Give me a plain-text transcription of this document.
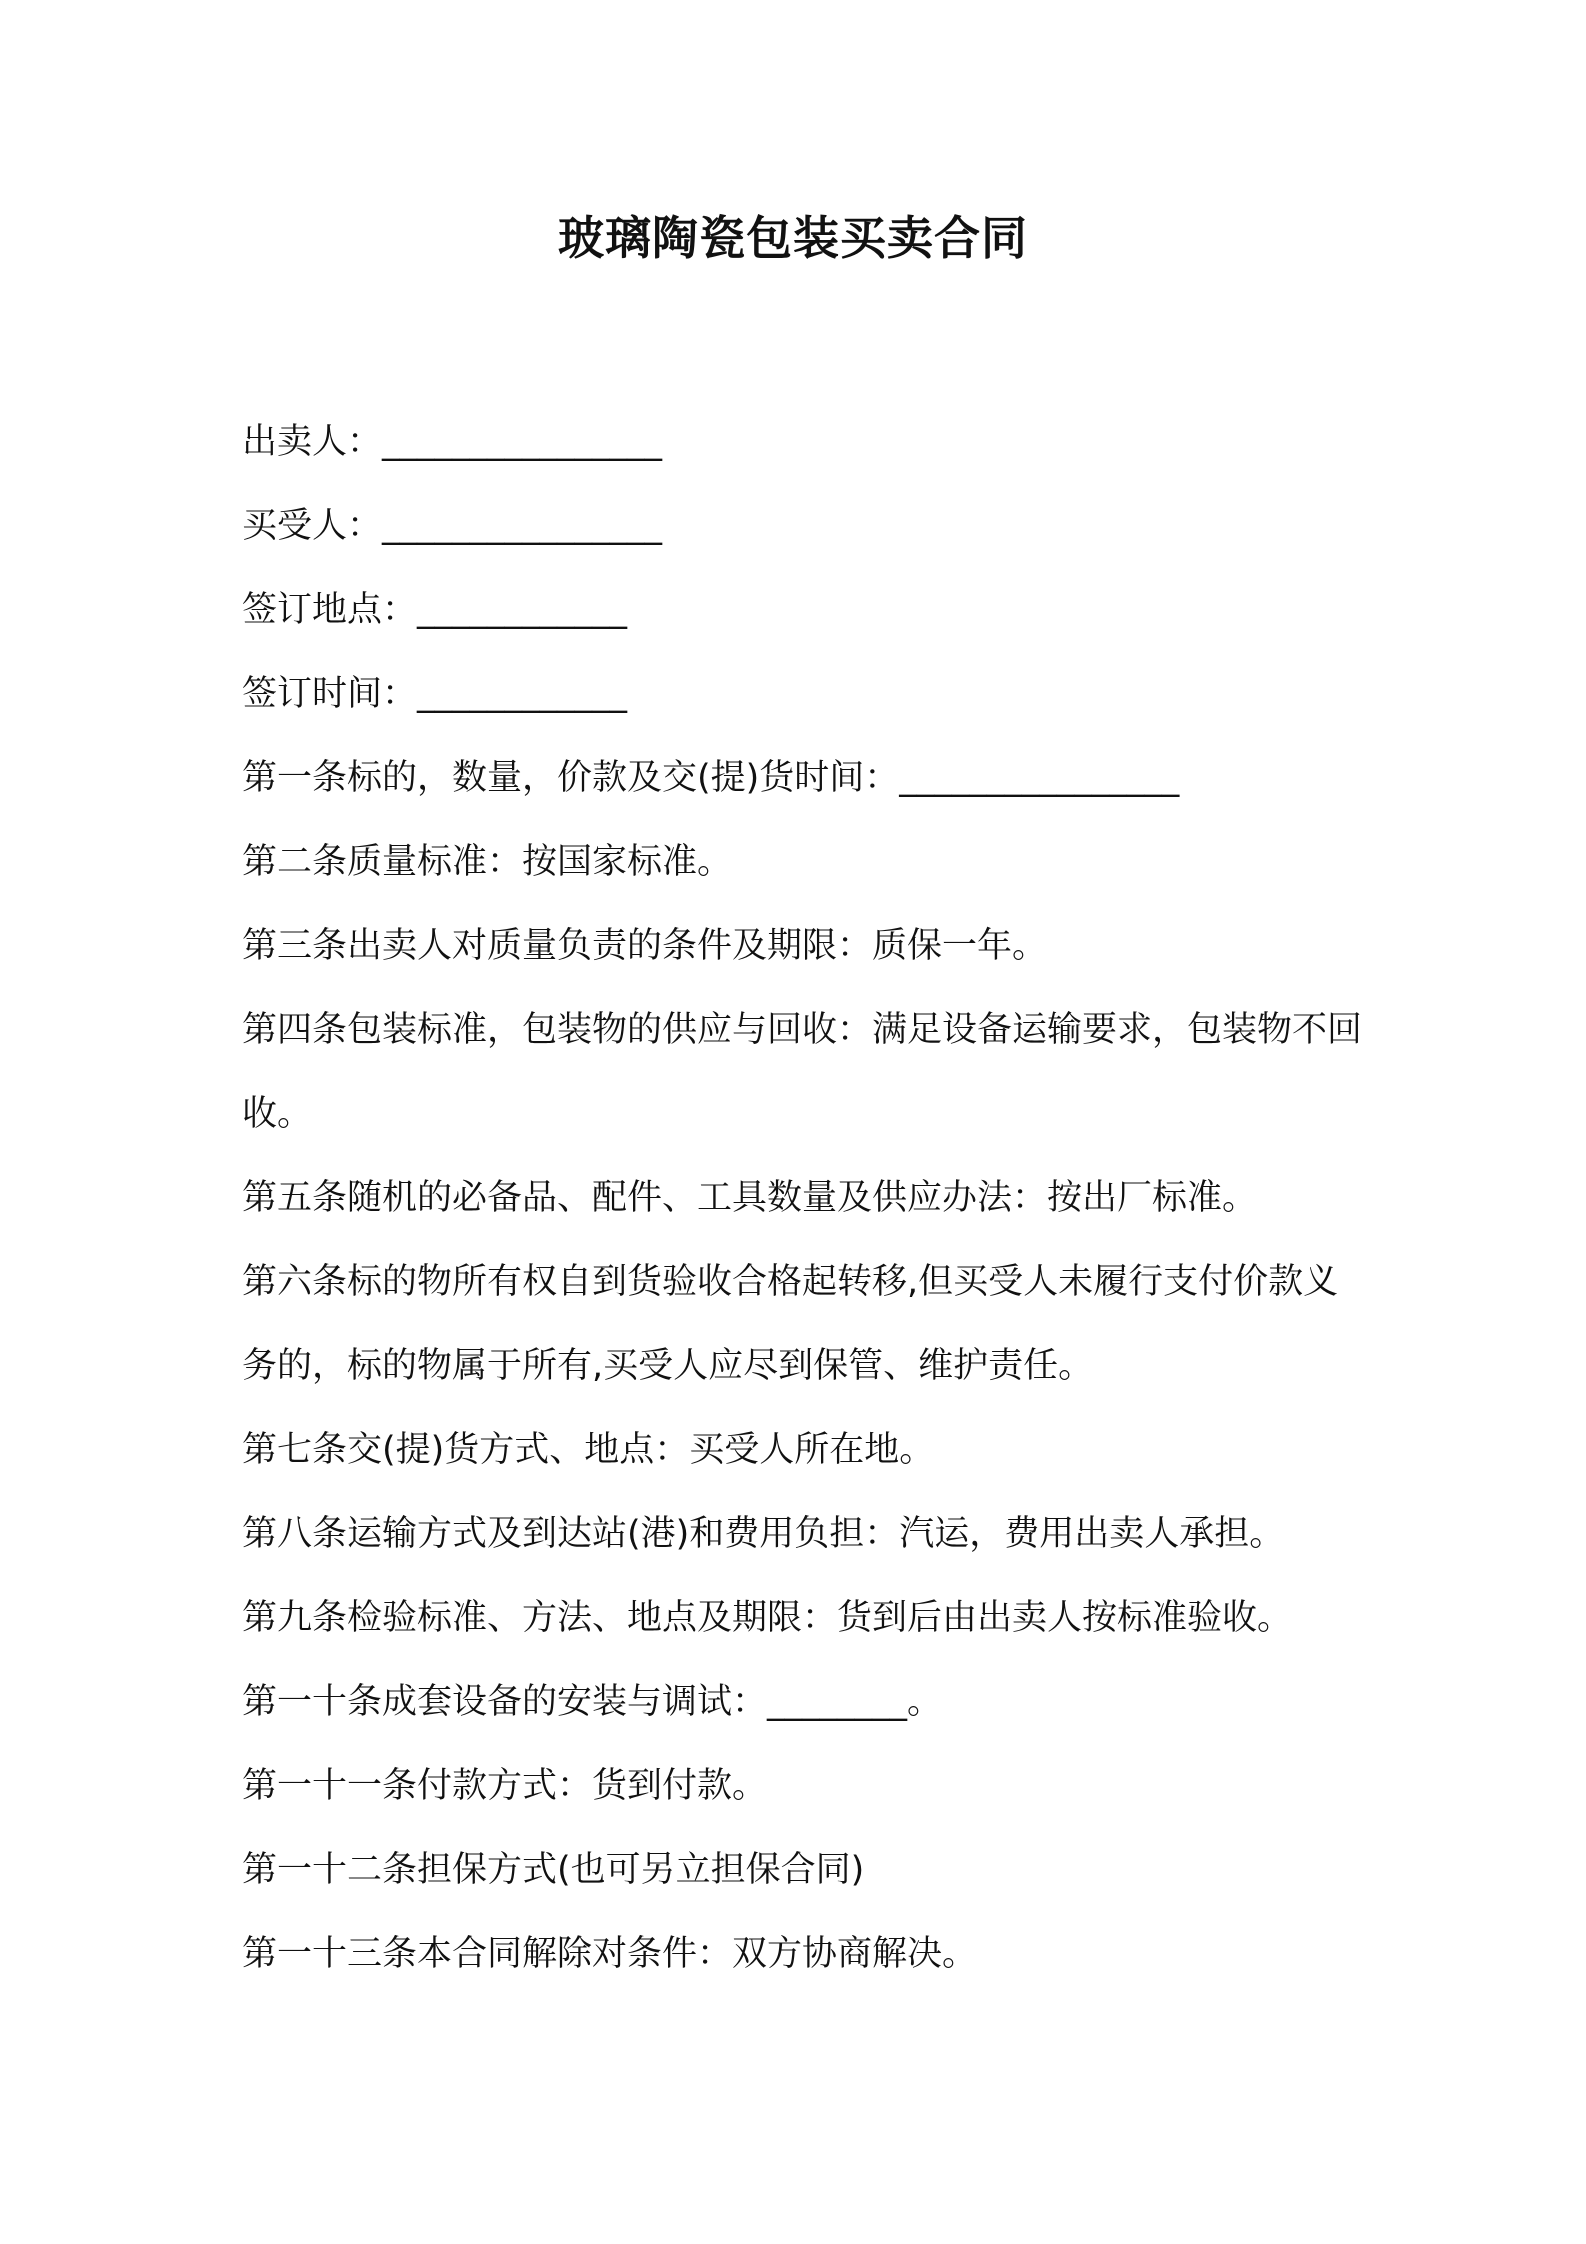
玻璃陶瓷包装买卖合同

出卖人：________________

买受人：________________

签订地点：____________

签订时间：____________

第一条标的，数量，价款及交(提)货时间：________________

第二条质量标准：按国家标准。

第三条出卖人对质量负责的条件及期限：质保一年。

第四条包装标准，包装物的供应与回收：满足设备运输要求，包装物不回收。

第五条随机的必备品、配件、工具数量及供应办法：按出厂标准。

第六条标的物所有权自到货验收合格起转移,但买受人未履行支付价款义务的，标的物属于所有,买受人应尽到保管、维护责任。

第七条交(提)货方式、地点：买受人所在地。

第八条运输方式及到达站(港)和费用负担：汽运，费用出卖人承担。

第九条检验标准、方法、地点及期限：货到后由出卖人按标准验收。

第一十条成套设备的安装与调试：________。

第一十一条付款方式：货到付款。

第一十二条担保方式(也可另立担保合同)

第一十三条本合同解除对条件：双方协商解决。
